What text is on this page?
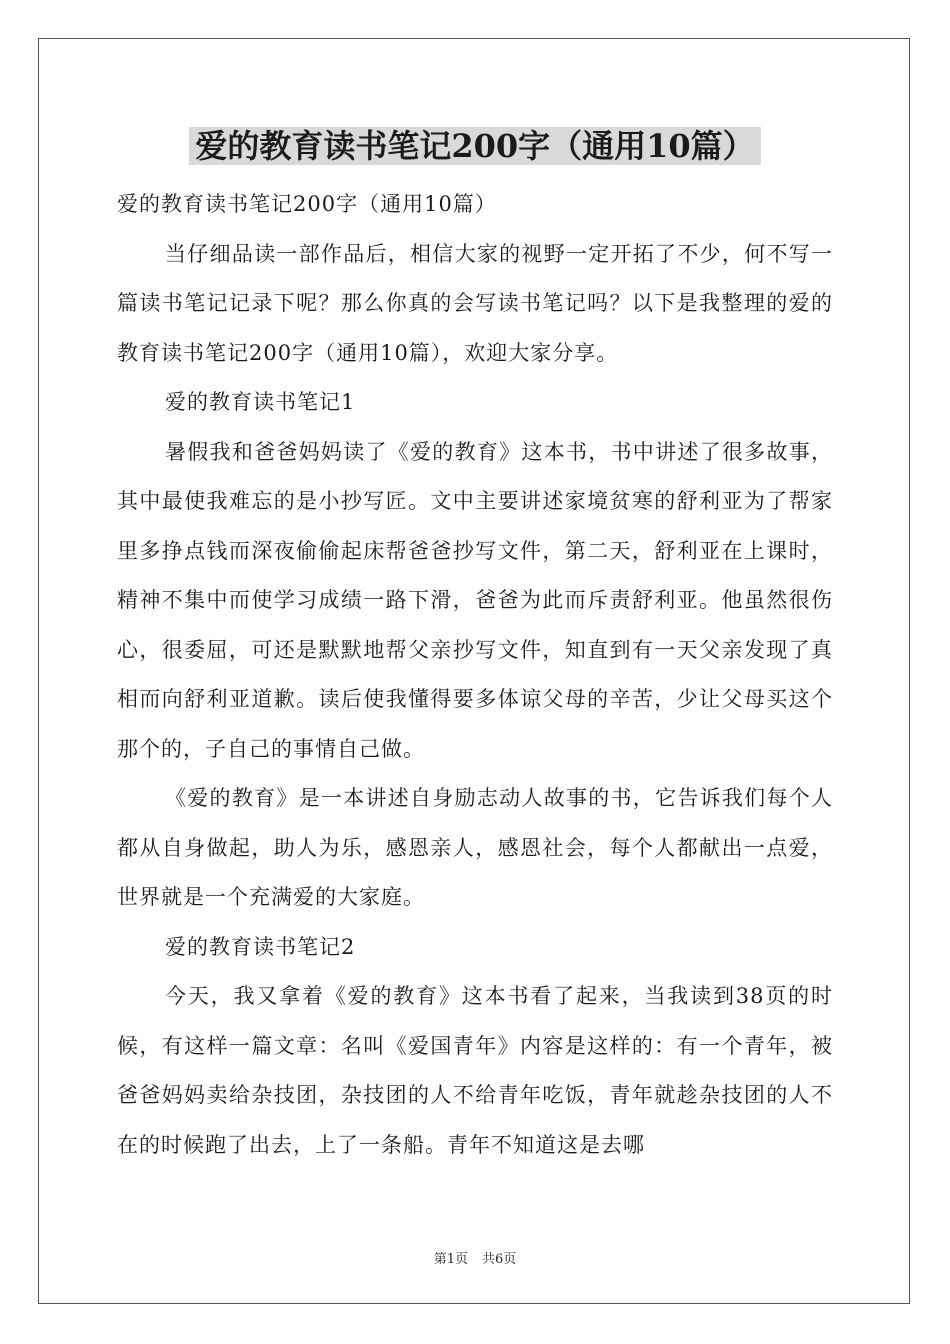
爱的教育读书笔记200字（通用10篇）

爱的教育读书笔记200字（通用10篇）

当仔细品读一部作品后，相信大家的视野一定开拓了不少，何不写一篇读书笔记记录下呢？那么你真的会写读书笔记吗？以下是我整理的爱的教育读书笔记200字（通用10篇），欢迎大家分享。

爱的教育读书笔记1

暑假我和爸爸妈妈读了《爱的教育》这本书，书中讲述了很多故事，其中最使我难忘的是小抄写匠。文中主要讲述家境贫寒的舒利亚为了帮家里多挣点钱而深夜偷偷起床帮爸爸抄写文件，第二天，舒利亚在上课时，精神不集中而使学习成绩一路下滑，爸爸为此而斥责舒利亚。他虽然很伤心，很委屈，可还是默默地帮父亲抄写文件，知直到有一天父亲发现了真相而向舒利亚道歉。读后使我懂得要多体谅父母的辛苦，少让父母买这个那个的，子自己的事情自己做。

《爱的教育》是一本讲述自身励志动人故事的书，它告诉我们每个人都从自身做起，助人为乐，感恩亲人，感恩社会，每个人都献出一点爱，世界就是一个充满爱的大家庭。

爱的教育读书笔记2

今天，我又拿着《爱的教育》这本书看了起来，当我读到38页的时候，有这样一篇文章：名叫《爱国青年》内容是这样的：有一个青年，被爸爸妈妈卖给杂技团，杂技团的人不给青年吃饭，青年就趁杂技团的人不在的时候跑了出去，上了一条船。青年不知道这是去哪

第1页 共6页
